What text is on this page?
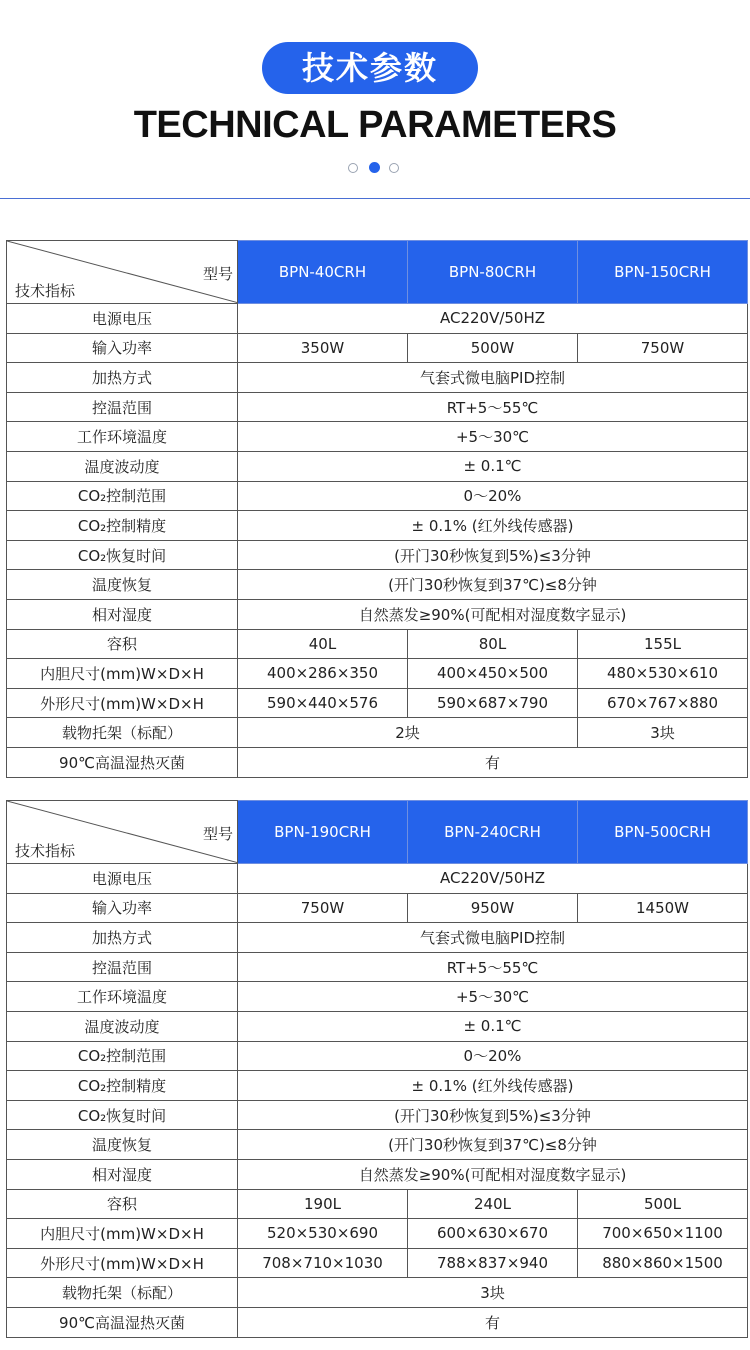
技术参数
TECHNICAL PARAMETERS
型号
技术指标	BPN-40CRH	BPN-80CRH	BPN-150CRH
电源电压	AC220V/50HZ		
输入功率	350W	500W	750W
加热方式	气套式微电脑PID控制		
控温范围	RT+5～55℃		
工作环境温度	+5～30℃		
温度波动度	± 0.1℃		
CO₂控制范围	0～20%		
CO₂控制精度	± 0.1% (红外线传感器)		
CO₂恢复时间	(开门30秒恢复到5%)≤3分钟		
温度恢复	(开门30秒恢复到37℃)≤8分钟		
相对湿度	自然蒸发≥90%(可配相对湿度数字显示)		
容积	40L	80L	155L
内胆尺寸(mm)W×D×H	400×286×350	400×450×500	480×530×610
外形尺寸(mm)W×D×H	590×440×576	590×687×790	670×767×880
载物托架（标配）	2块		3块
90℃高温湿热灭菌	有		
型号
技术指标	BPN-190CRH	BPN-240CRH	BPN-500CRH
电源电压	AC220V/50HZ		
输入功率	750W	950W	1450W
加热方式	气套式微电脑PID控制		
控温范围	RT+5～55℃		
工作环境温度	+5～30℃		
温度波动度	± 0.1℃		
CO₂控制范围	0～20%		
CO₂控制精度	± 0.1% (红外线传感器)		
CO₂恢复时间	(开门30秒恢复到5%)≤3分钟		
温度恢复	(开门30秒恢复到37℃)≤8分钟		
相对湿度	自然蒸发≥90%(可配相对湿度数字显示)		
容积	190L	240L	500L
内胆尺寸(mm)W×D×H	520×530×690	600×630×670	700×650×1100
外形尺寸(mm)W×D×H	708×710×1030	788×837×940	880×860×1500
载物托架（标配）	3块		
90℃高温湿热灭菌	有		
